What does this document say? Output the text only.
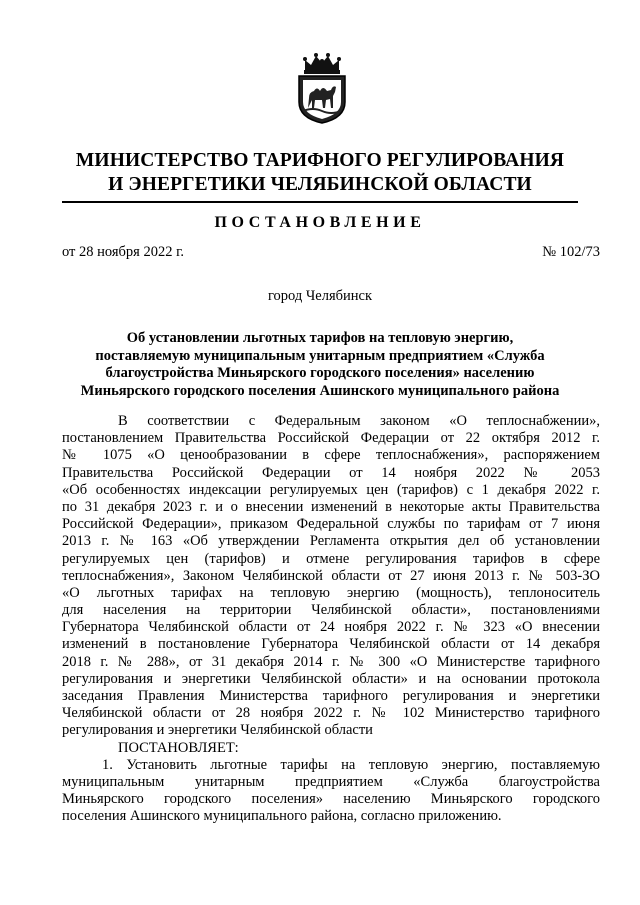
МИНИСТЕРСТВО ТАРИФНОГО РЕГУЛИРОВАНИЯ
И ЭНЕРГЕТИКИ ЧЕЛЯБИНСКОЙ ОБЛАСТИ
ПОСТАНОВЛЕНИЕ
от 28 ноября 2022 г.	№ 102/73
город Челябинск
Об установлении льготных тарифов на тепловую энергию,
поставляемую муниципальным унитарным предприятием «Служба
благоустройства Миньярского городского поселения» населению
Миньярского городского поселения Ашинского муниципального района
В соответствии с Федеральным законом «О теплоснабжении»,
постановлением Правительства Российской Федерации от 22 октября 2012 г.
№ 1075 «О ценообразовании в сфере теплоснабжения», распоряжением
Правительства Российской Федерации от 14 ноября 2022 № 2053
«Об особенностях индексации регулируемых цен (тарифов) с 1 декабря 2022 г.
по 31 декабря 2023 г. и о внесении изменений в некоторые акты Правительства
Российской Федерации», приказом Федеральной службы по тарифам от 7 июня
2013 г. № 163 «Об утверждении Регламента открытия дел об установлении
регулируемых цен (тарифов) и отмене регулирования тарифов в сфере
теплоснабжения», Законом Челябинской области от 27 июня 2013 г. № 503-ЗО
«О льготных тарифах на тепловую энергию (мощность), теплоноситель
для населения на территории Челябинской области», постановлениями
Губернатора Челябинской области от 24 ноября 2022 г. № 323 «О внесении
изменений в постановление Губернатора Челябинской области от 14 декабря
2018 г. № 288», от 31 декабря 2014 г. № 300 «О Министерстве тарифного
регулирования и энергетики Челябинской области» и на основании протокола
заседания Правления Министерства тарифного регулирования и энергетики
Челябинской области от 28 ноября 2022 г. № 102 Министерство тарифного
регулирования и энергетики Челябинской области
ПОСТАНОВЛЯЕТ:
1. Установить льготные тарифы на тепловую энергию, поставляемую
муниципальным унитарным предприятием «Служба благоустройства
Миньярского городского поселения» населению Миньярского городского
поселения Ашинского муниципального района, согласно приложению.
